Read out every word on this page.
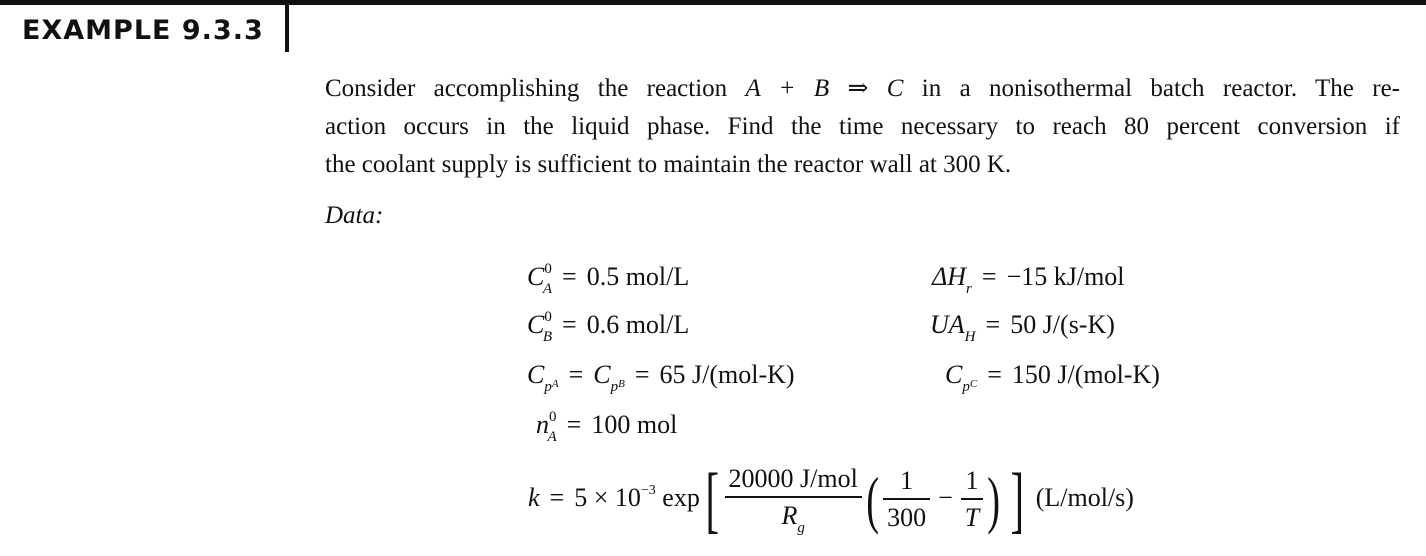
EXAMPLE 9.3.3
Consider accomplishing the reaction A + B ⇒ C in a nonisothermal batch reactor. The re-
action occurs in the liquid phase. Find the time necessary to reach 80 percent conversion if
the coolant supply is sufficient to maintain the reactor wall at 300 K.
Data:
$C^0_A = 0.5$ mol/L
$C^0_B = 0.6$ mol/L
$C_pA = C_pB = 65$ J/(mol-K)
$n^0_A = 100$ mol
$\Delta H_r = -15$ kJ/mol
$UA_H = 50$ J/(s-K)
$C_pC = 150$ J/(mol-K)
$k = 5 \times 10^{-3}$ $\exp[ \frac{\text{20000 J/mol}}{R_g}$ ( $\frac{1}{300} - \frac{1}{T}$ ) ] (L/mol/s)
